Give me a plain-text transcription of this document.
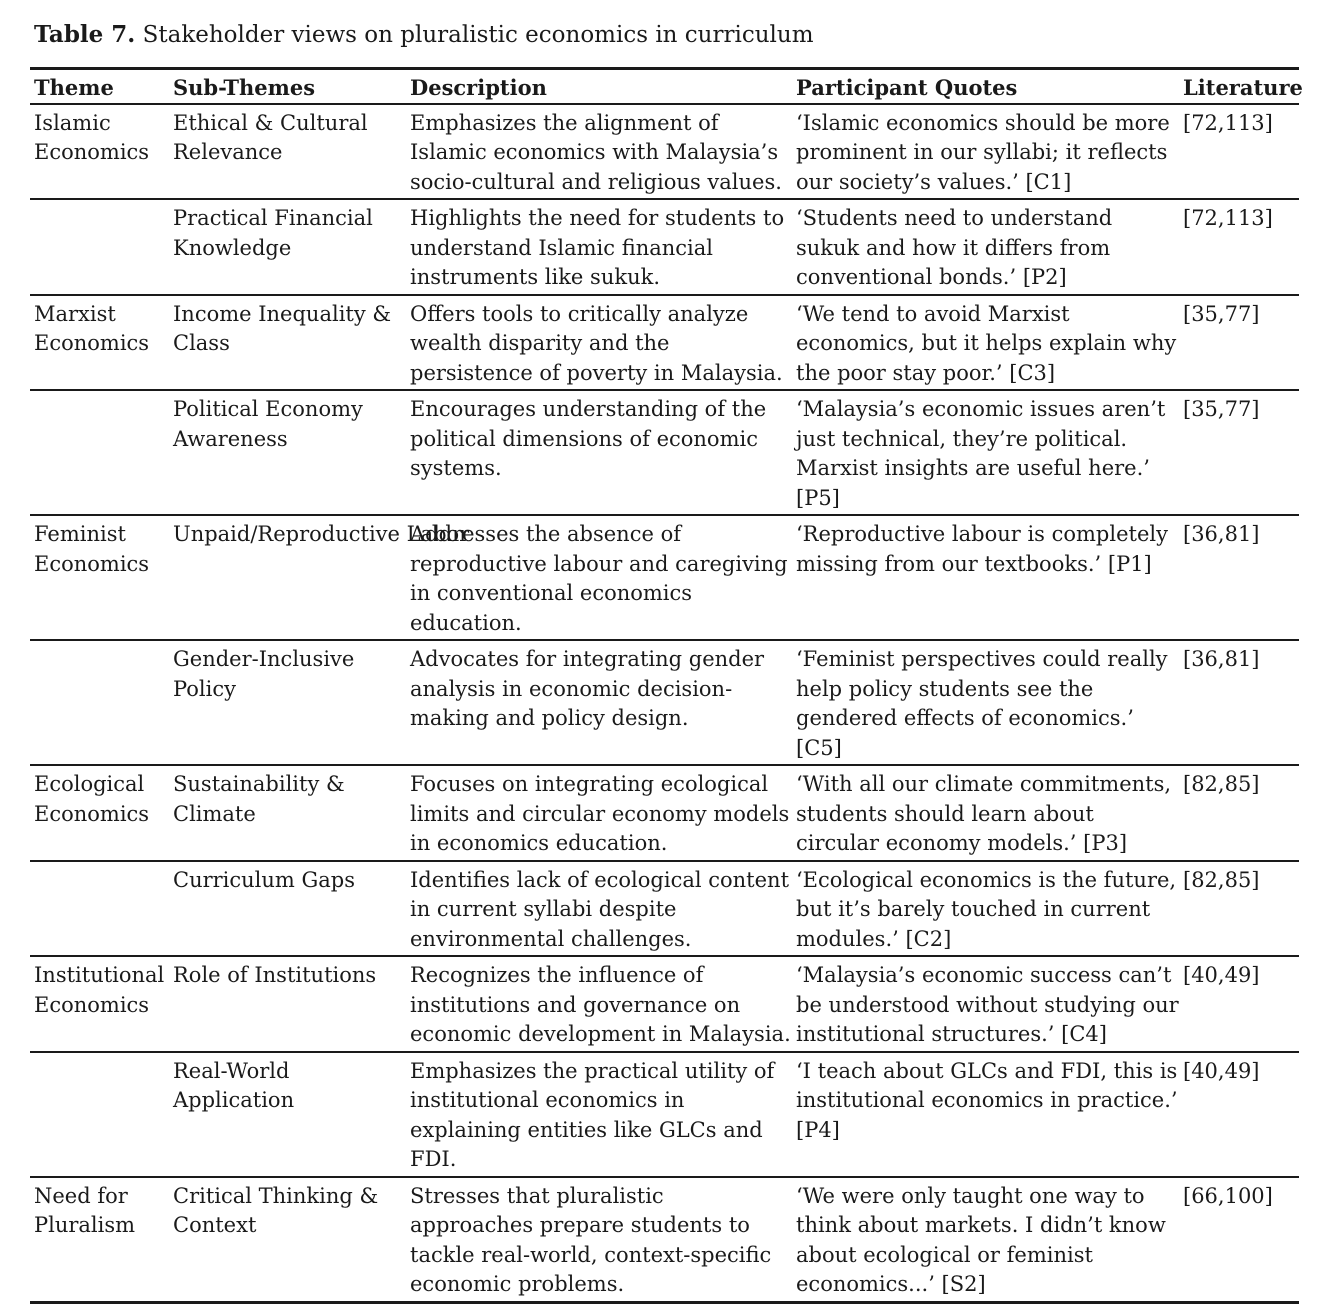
Table 7. Stakeholder views on pluralistic economics in curriculum
Theme	Sub-Themes	Description	Participant Quotes	Literature
Islamic Economics	Ethical & Cultural Relevance	Emphasizes the alignment of Islamic economics with Malaysia’s socio-cultural and religious values.	‘Islamic economics should be more prominent in our syllabi; it reflects our society’s values.’ [C1]	[72,113]
	Practical Financial Knowledge	Highlights the need for students to understand Islamic financial instruments like sukuk.	‘Students need to understand sukuk and how it differs from conventional bonds.’ [P2]	[72,113]
Marxist Economics	Income Inequality & Class	Offers tools to critically analyze wealth disparity and the persistence of poverty in Malaysia.	‘We tend to avoid Marxist economics, but it helps explain why the poor stay poor.’ [C3]	[35,77]
	Political Economy Awareness	Encourages understanding of the political dimensions of economic systems.	‘Malaysia’s economic issues aren’t just technical, they’re political. Marxist insights are useful here.’ [P5]	[35,77]
Feminist Economics	Unpaid/Reproductive Labor	Addresses the absence of reproductive labour and caregiving in conventional economics education.	‘Reproductive labour is completely missing from our textbooks.’ [P1]	[36,81]
	Gender-Inclusive Policy	Advocates for integrating gender analysis in economic decision-making and policy design.	‘Feminist perspectives could really help policy students see the gendered effects of economics.’ [C5]	[36,81]
Ecological Economics	Sustainability & Climate	Focuses on integrating ecological limits and circular economy models in economics education.	‘With all our climate commitments, students should learn about circular economy models.’ [P3]	[82,85]
	Curriculum Gaps	Identifies lack of ecological content in current syllabi despite environmental challenges.	‘Ecological economics is the future, but it’s barely touched in current modules.’ [C2]	[82,85]
Institutional Economics	Role of Institutions	Recognizes the influence of institutions and governance on economic development in Malaysia.	‘Malaysia’s economic success can’t be understood without studying our institutional structures.’ [C4]	[40,49]
	Real-World Application	Emphasizes the practical utility of institutional economics in explaining entities like GLCs and FDI.	‘I teach about GLCs and FDI, this is institutional economics in practice.’ [P4]	[40,49]
Need for Pluralism	Critical Thinking & Context	Stresses that pluralistic approaches prepare students to tackle real-world, context-specific economic problems.	‘We were only taught one way to think about markets. I didn’t know about ecological or feminist economics...’ [S2]	[66,100]
